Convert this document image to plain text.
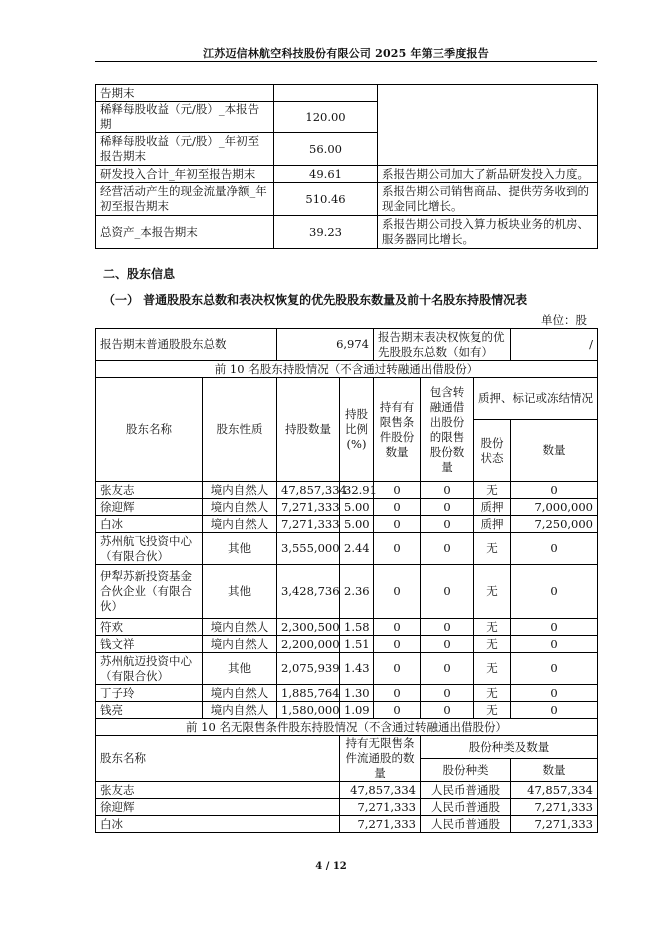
江苏迈信林航空科技股份有限公司 2025 年第三季度报告
告期末		
稀释每股收益（元/股）_本报告期	120.00	
稀释每股收益（元/股）_年初至报告期末	56.00	
研发投入合计_年初至报告期末	49.61	系报告期公司加大了新品研发投入力度。
经营活动产生的现金流量净额_年初至报告期末	510.46	系报告期公司销售商品、提供劳务收到的现金同比增长。
总资产_本报告期末	39.23	系报告期公司投入算力板块业务的机房、服务器同比增长。
二、股东信息
（一） 普通股股东总数和表决权恢复的优先股股东数量及前十名股东持股情况表
单位：股
报告期末普通股股东总数		6,974		报告期末表决权恢复的优先股股东总数（如有）			/
前 10 名股东持股情况（不含通过转融通出借股份）							
股东名称	股东性质	持股数量	持股比例(%)	持有有限售条件股份数量	包含转融通借出股份的限售股份数量	质押、标记或冻结情况	
						股份状态	数量
张友志	境内自然人	47,857,334	32.91	0	0	无	0
徐迎辉	境内自然人	7,271,333	5.00	0	0	质押	7,000,000
白冰	境内自然人	7,271,333	5.00	0	0	质押	7,250,000
苏州航飞投资中心（有限合伙）	其他	3,555,000	2.44	0	0	无	0
伊犁苏新投资基金合伙企业（有限合伙）	其他	3,428,736	2.36	0	0	无	0
符欢	境内自然人	2,300,500	1.58	0	0	无	0
钱文祥	境内自然人	2,200,000	1.51	0	0	无	0
苏州航迈投资中心（有限合伙）	其他	2,075,939	1.43	0	0	无	0
丁子玲	境内自然人	1,885,764	1.30	0	0	无	0
钱亮	境内自然人	1,580,000	1.09	0	0	无	0
前 10 名无限售条件股东持股情况（不含通过转融通出借股份）							
股东名称			持有无限售条件流通股的数量		股份种类及数量		
					股份种类		数量
张友志			47,857,334		人民币普通股		47,857,334
徐迎辉			7,271,333		人民币普通股		7,271,333
白冰			7,271,333		人民币普通股		7,271,333
4 / 12
